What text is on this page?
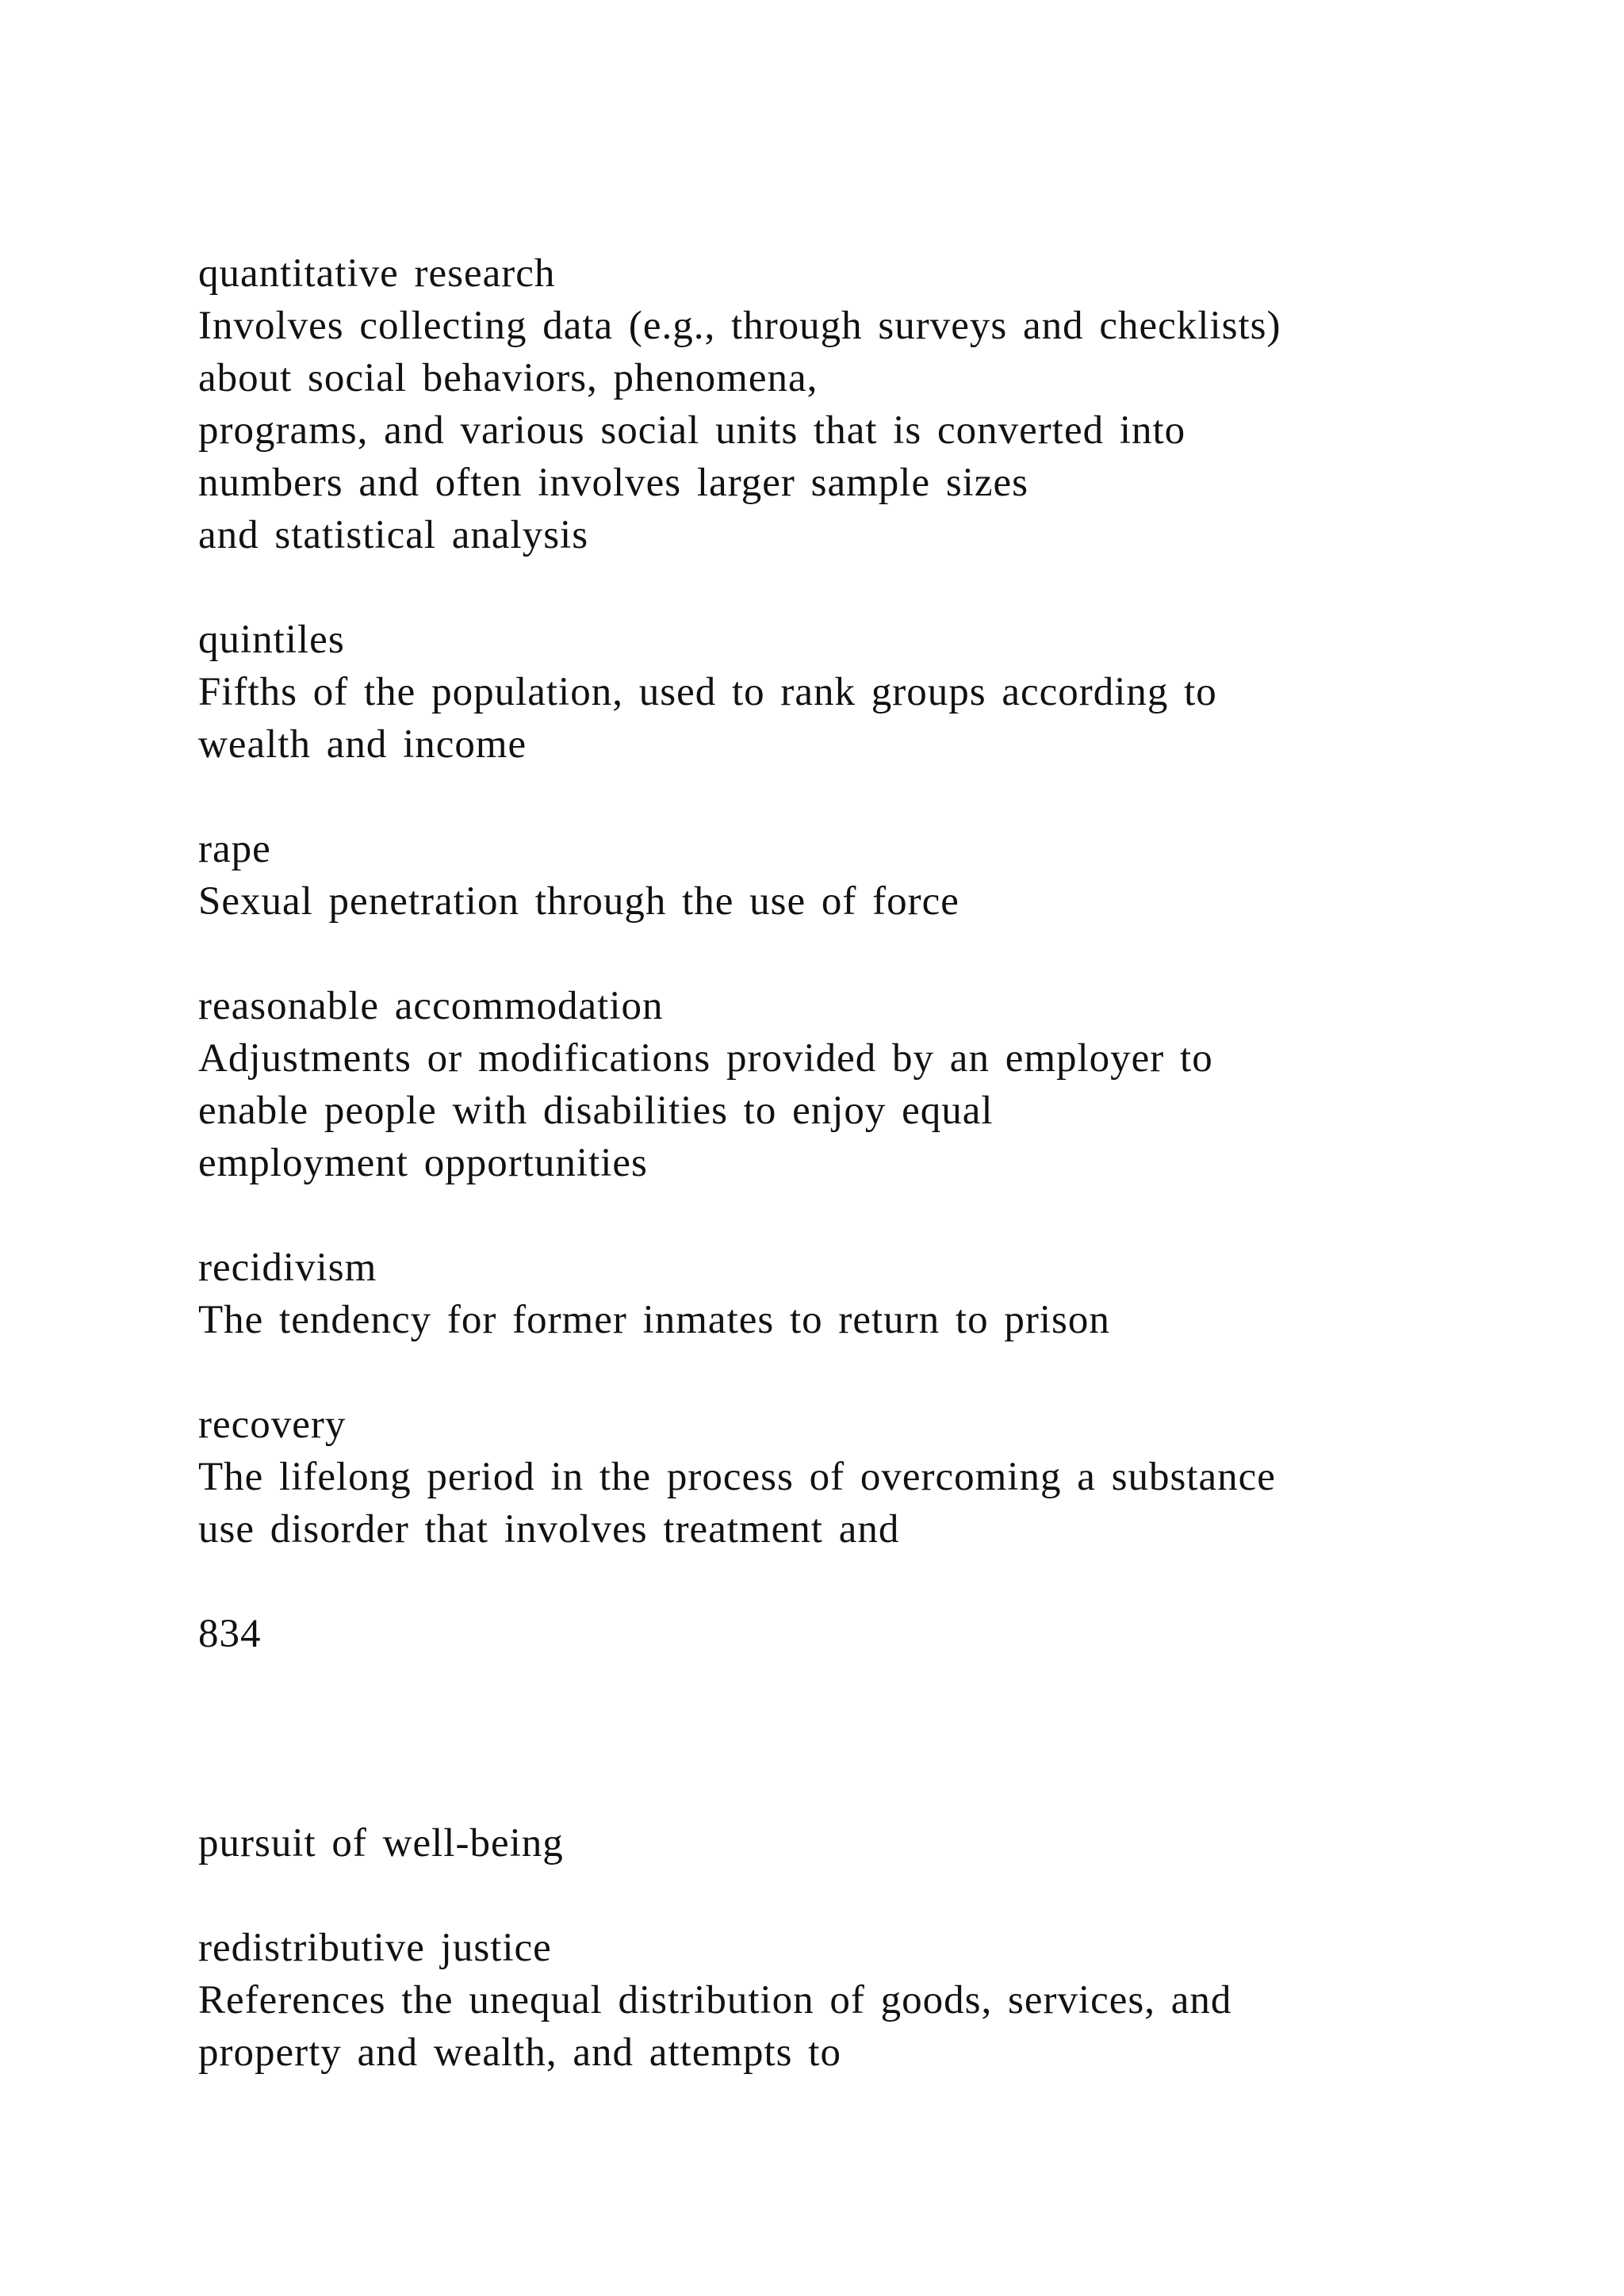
quantitative research
Involves collecting data (e.g., through surveys and checklists)
about social behaviors, phenomena,
programs, and various social units that is converted into
numbers and often involves larger sample sizes
and statistical analysis
quintiles
Fifths of the population, used to rank groups according to
wealth and income
rape
Sexual penetration through the use of force
reasonable accommodation
Adjustments or modifications provided by an employer to
enable people with disabilities to enjoy equal
employment opportunities
recidivism
The tendency for former inmates to return to prison
recovery
The lifelong period in the process of overcoming a substance
use disorder that involves treatment and
834
pursuit of well-being
redistributive justice
References the unequal distribution of goods, services, and
property and wealth, and attempts to
